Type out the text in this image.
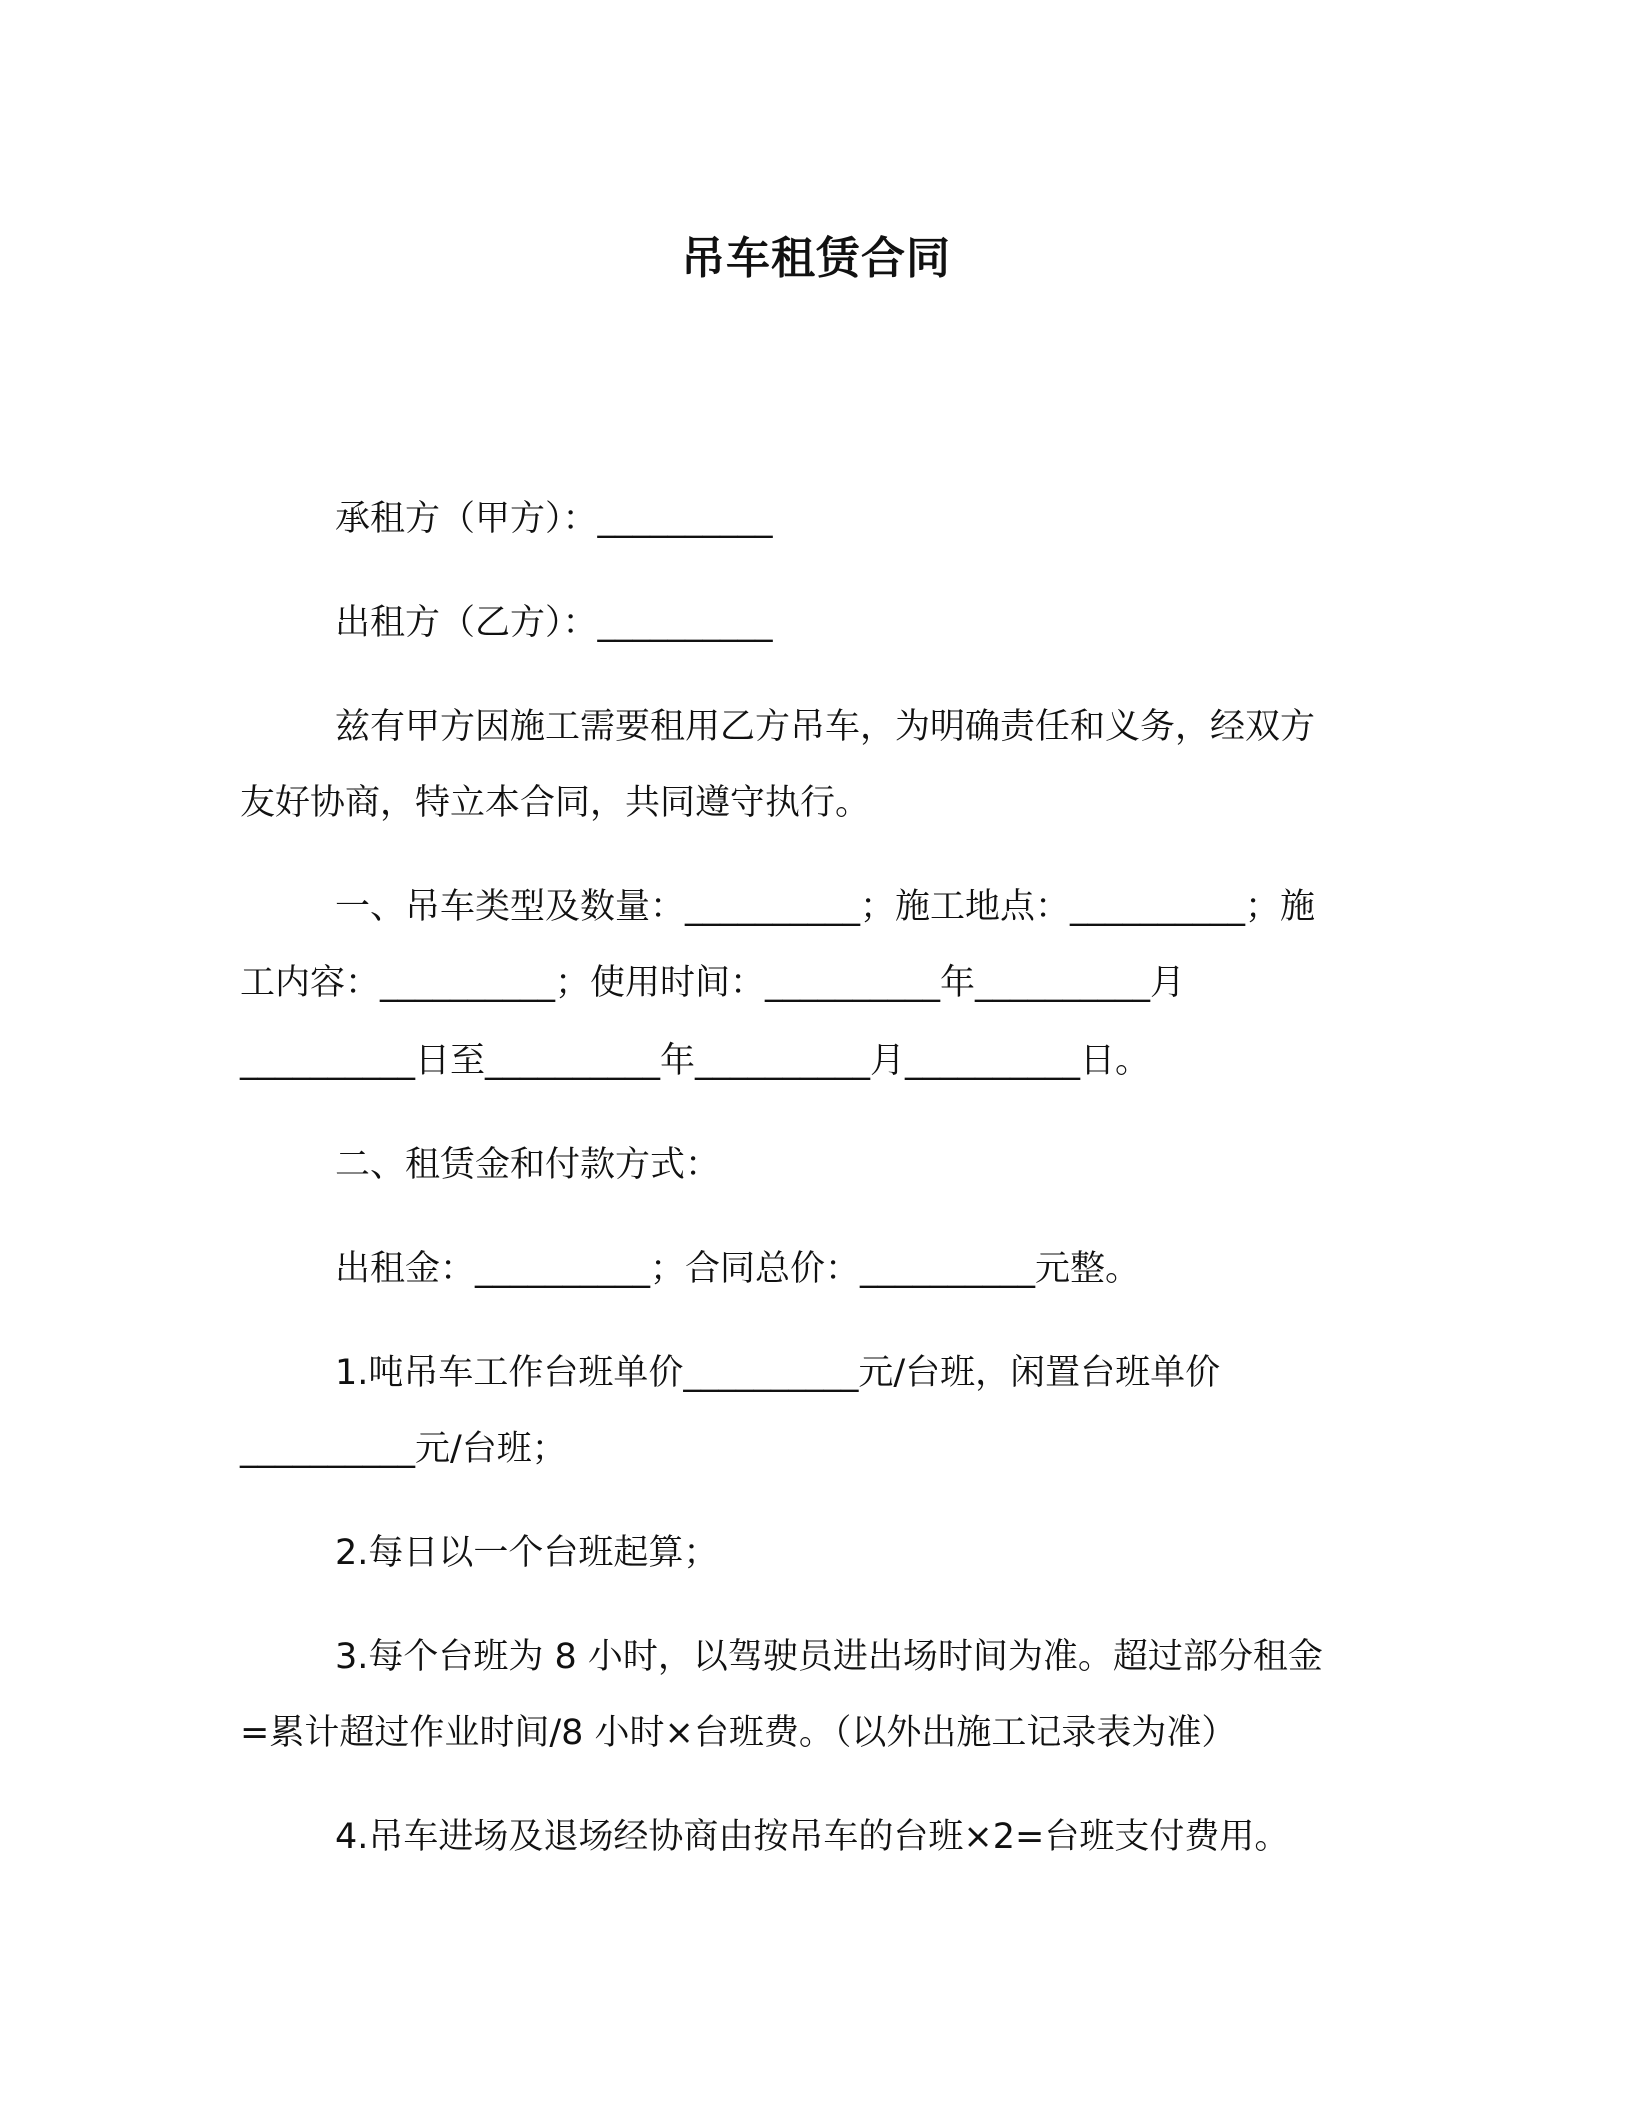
吊车租赁合同
承租方（甲方）：__________
出租方（乙方）：__________
兹有甲方因施工需要租用乙方吊车，为明确责任和义务，经双方
友好协商，特立本合同，共同遵守执行。
一、吊车类型及数量：__________；施工地点：__________；施
工内容：__________；使用时间：__________年__________月
__________日至__________年__________月__________日。
二、租赁金和付款方式：
出租金：__________；合同总价：__________元整。
1.吨吊车工作台班单价__________元/台班，闲置台班单价
__________元/台班；
2.每日以一个台班起算；
3.每个台班为 8 小时，以驾驶员进出场时间为准。超过部分租金
=累计超过作业时间/8 小时×台班费。（以外出施工记录表为准）
4.吊车进场及退场经协商由按吊车的台班×2=台班支付费用。
